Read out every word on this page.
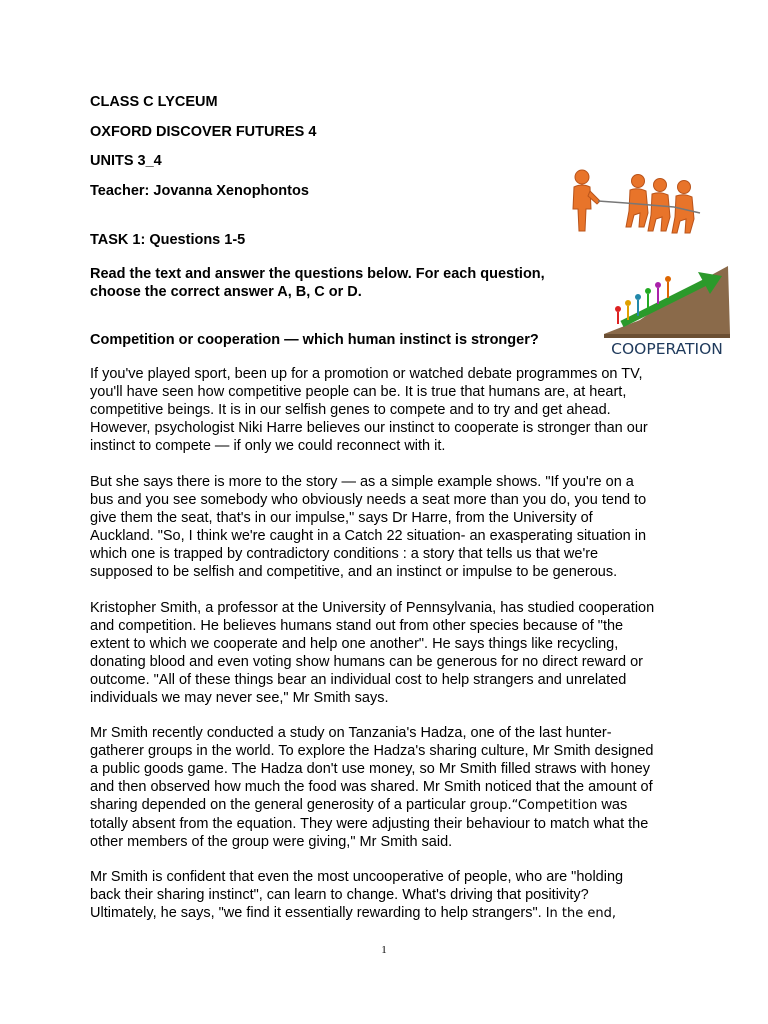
CLASS C LYCEUM
OXFORD DISCOVER FUTURES 4
UNITS 3_4
Teacher: Jovanna Xenophontos
TASK 1: Questions 1-5
Read the text and answer the questions below. For each question,
choose the correct answer A, B, C or D.
Competition or cooperation — which human instinct is stronger?	COOPERATION
If you've played sport, been up for a promotion or watched debate programmes on TV,
you'll have seen how competitive people can be. It is true that humans are, at heart,
competitive beings. It is in our selfish genes to compete and to try and get ahead.
However, psychologist Niki Harre believes our instinct to cooperate is stronger than our
instinct to compete — if only we could reconnect with it.
But she says there is more to the story — as a simple example shows. "If you're on a
bus and you see somebody who obviously needs a seat more than you do, you tend to
give them the seat, that's in our impulse," says Dr Harre, from the University of
Auckland. "So, I think we're caught in a Catch 22 situation- an exasperating situation in
which one is trapped by contradictory conditions : a story that tells us that we're
supposed to be selfish and competitive, and an instinct or impulse to be generous.
Kristopher Smith, a professor at the University of Pennsylvania, has studied cooperation
and competition. He believes humans stand out from other species because of "the
extent to which we cooperate and help one another". He says things like recycling,
donating blood and even voting show humans can be generous for no direct reward or
outcome. "All of these things bear an individual cost to help strangers and unrelated
individuals we may never see," Mr Smith says.
Mr Smith recently conducted a study on Tanzania's Hadza, one of the last hunter-
gatherer groups in the world. To explore the Hadza's sharing culture, Mr Smith designed
a public goods game. The Hadza don't use money, so Mr Smith filled straws with honey
and then observed how much the food was shared. Mr Smith noticed that the amount of
sharing depended on the general generosity of a particular group.“Competition was
totally absent from the equation. They were adjusting their behaviour to match what the
other members of the group were giving," Mr Smith said.
Mr Smith is confident that even the most uncooperative of people, who are "holding
back their sharing instinct", can learn to change. What's driving that positivity?
Ultimately, he says, "we find it essentially rewarding to help strangers". In the end,
1
